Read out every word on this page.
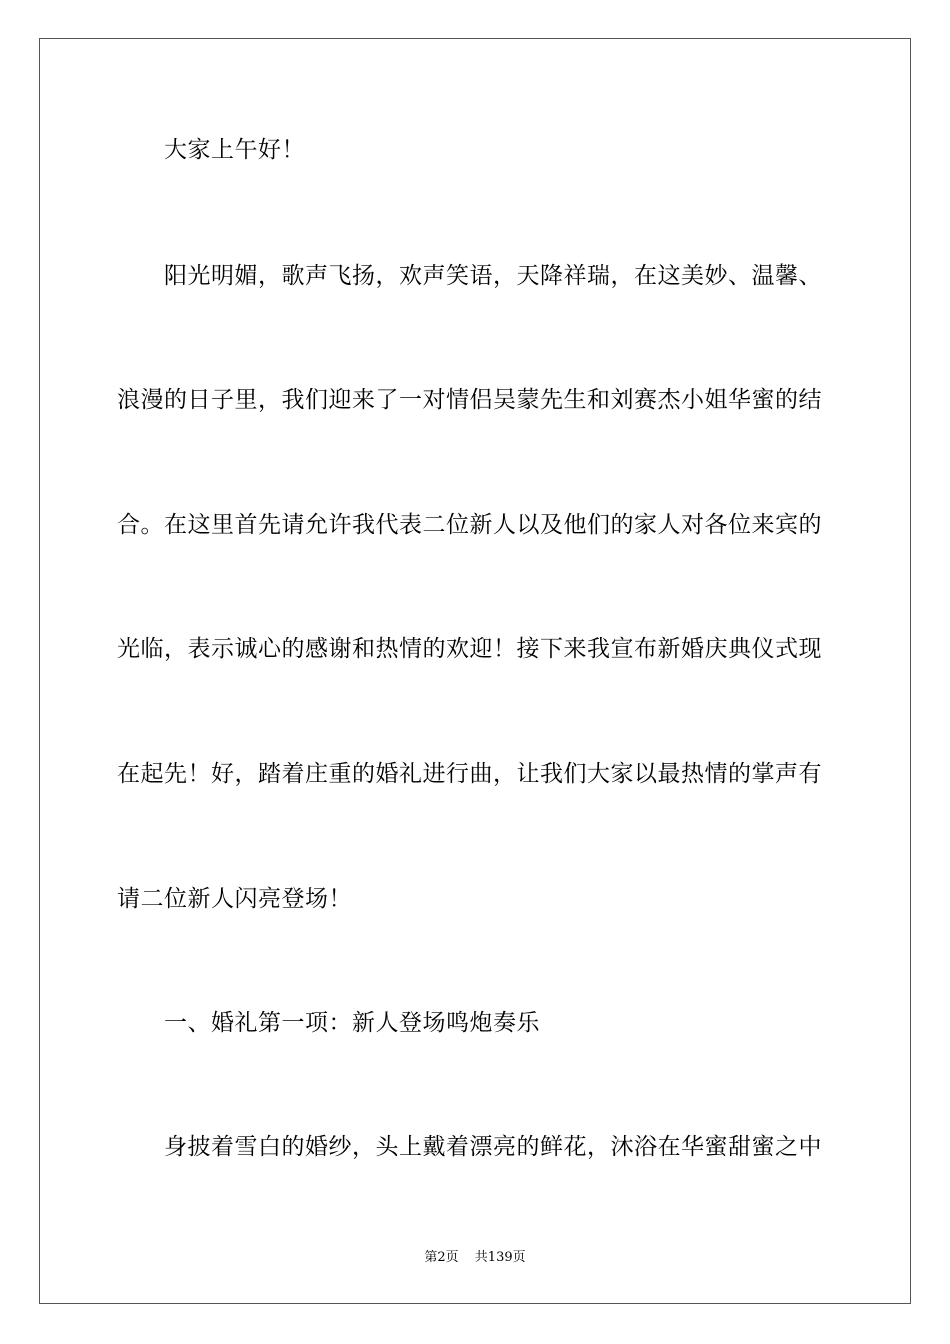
大家上午好！
阳光明媚，歌声飞扬，欢声笑语，天降祥瑞，在这美妙、温馨、
浪漫的日子里，我们迎来了一对情侣吴蒙先生和刘赛杰小姐华蜜的结
合。在这里首先请允许我代表二位新人以及他们的家人对各位来宾的
光临，表示诚心的感谢和热情的欢迎！接下来我宣布新婚庆典仪式现
在起先！好，踏着庄重的婚礼进行曲，让我们大家以最热情的掌声有
请二位新人闪亮登场！
一、婚礼第一项：新人登场鸣炮奏乐
身披着雪白的婚纱，头上戴着漂亮的鲜花，沐浴在华蜜甜蜜之中
第2页 共139页
